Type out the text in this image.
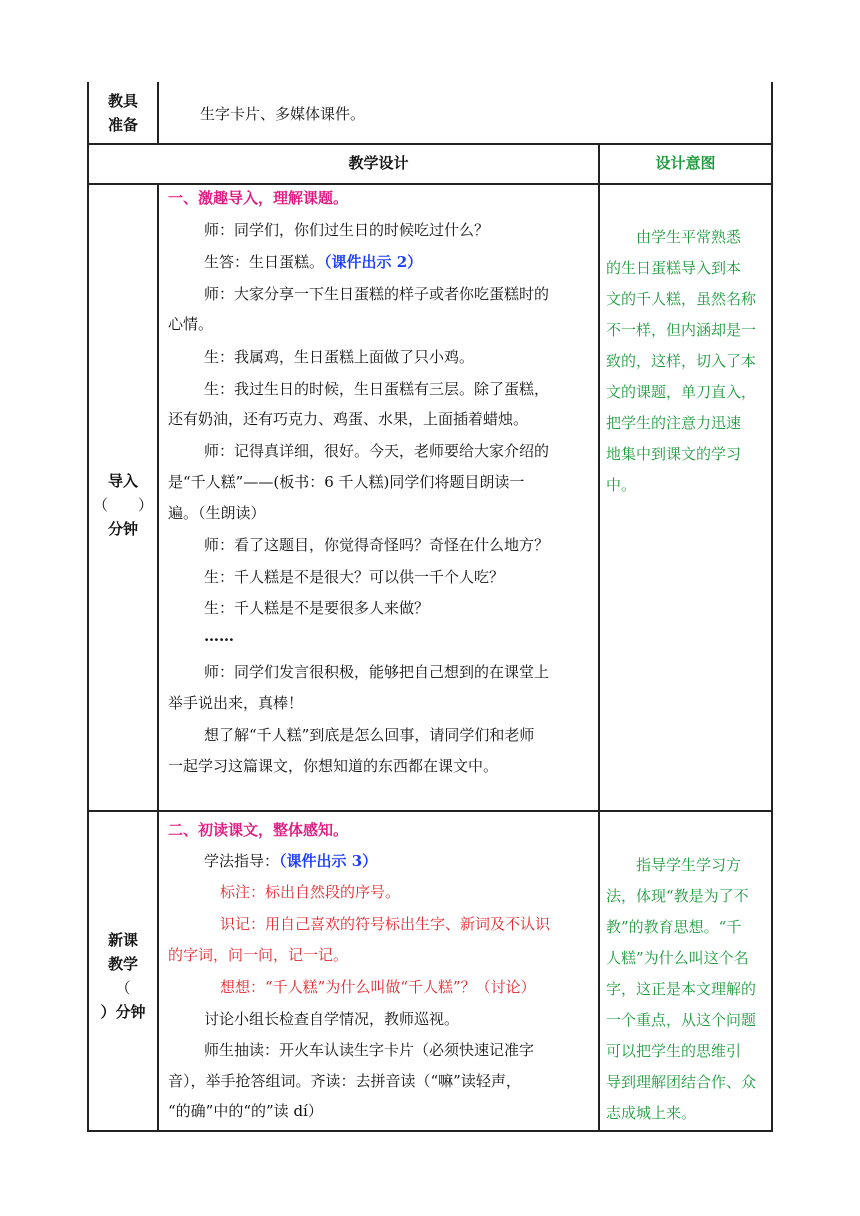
教具
准备
生字卡片、多媒体课件。
教学设计	设计意图
导入
（　　）
分钟
一、激趣导入，理解课题。
师：同学们，你们过生日的时候吃过什么？
生答：生日蛋糕。（课件出示 2）
师：大家分享一下生日蛋糕的样子或者你吃蛋糕时的
心情。
生：我属鸡，生日蛋糕上面做了只小鸡。
生：我过生日的时候，生日蛋糕有三层。除了蛋糕，
还有奶油，还有巧克力、鸡蛋、水果，上面插着蜡烛。
师：记得真详细，很好。今天，老师要给大家介绍的
是“千人糕”——(板书：6 千人糕)同学们将题目朗读一
遍。（生朗读）
师：看了这题目，你觉得奇怪吗？奇怪在什么地方？
生：千人糕是不是很大？可以供一千个人吃？
生：千人糕是不是要很多人来做？
……
师：同学们发言很积极，能够把自己想到的在课堂上
举手说出来，真棒！
想了解“千人糕”到底是怎么回事，请同学们和老师
一起学习这篇课文，你想知道的东西都在课文中。
　　由学生平常熟悉
的生日蛋糕导入到本
文的千人糕，虽然名称
不一样，但内涵却是一
致的，这样，切入了本
文的课题，单刀直入，
把学生的注意力迅速
地集中到课文的学习
中。
新课
教学
（
）分钟
二、初读课文，整体感知。
学法指导：（课件出示 3）
标注：标出自然段的序号。
识记：用自己喜欢的符号标出生字、新词及不认识
的字词，问一问，记一记。
想想：“千人糕”为什么叫做“千人糕”？（讨论）
讨论小组长检查自学情况，教师巡视。
师生抽读：开火车认读生字卡片（必须快速记准字
音），举手抢答组词。齐读：去拼音读（“嘛”读轻声，
“的确”中的“的”读 dí）
　　指导学生学习方
法，体现“教是为了不
教”的教育思想。“千
人糕”为什么叫这个名
字，这正是本文理解的
一个重点，从这个问题
可以把学生的思维引
导到理解团结合作、众
志成城上来。
